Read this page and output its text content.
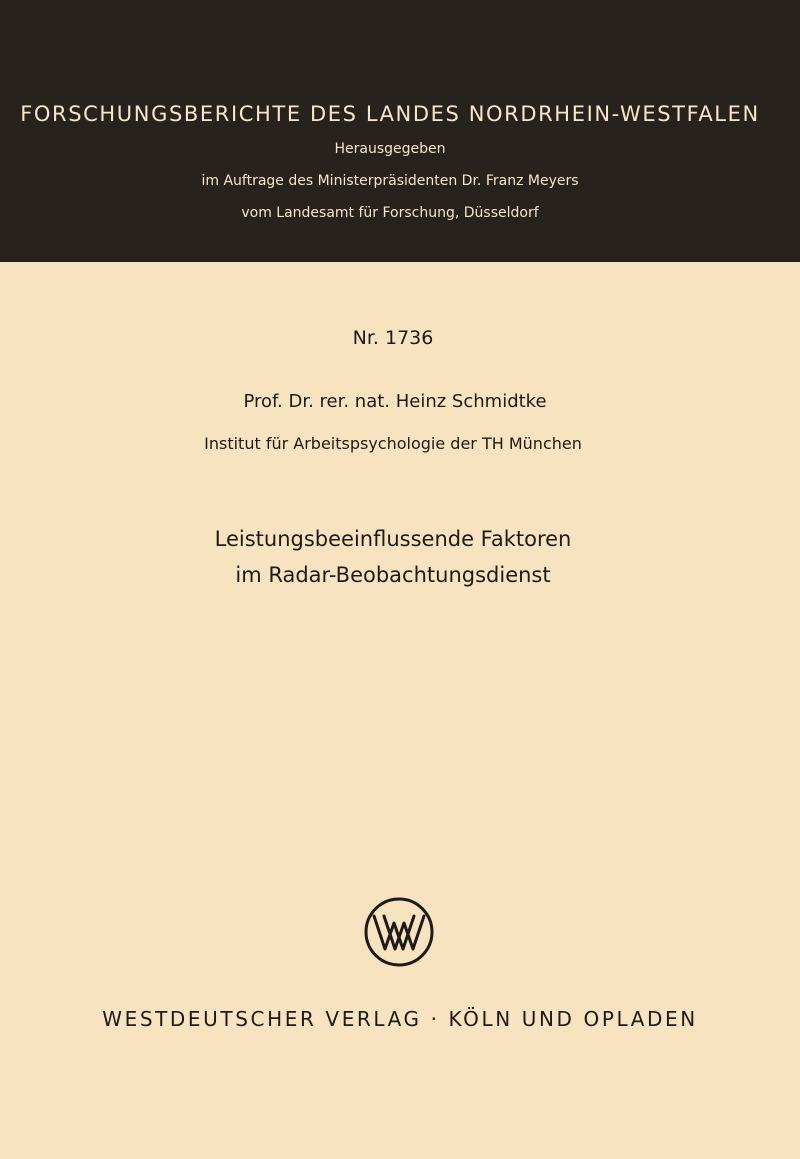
FORSCHUNGSBERICHTE DES LANDES NORDRHEIN-WESTFALEN
Herausgegeben
im Auftrage des Ministerpräsidenten Dr. Franz Meyers
vom Landesamt für Forschung, Düsseldorf
Nr. 1736
Prof. Dr. rer. nat. Heinz Schmidtke
Institut für Arbeitspsychologie der TH München
Leistungsbeeinflussende Faktoren
im Radar-Beobachtungsdienst
WESTDEUTSCHER VERLAG · KÖLN UND OPLADEN
